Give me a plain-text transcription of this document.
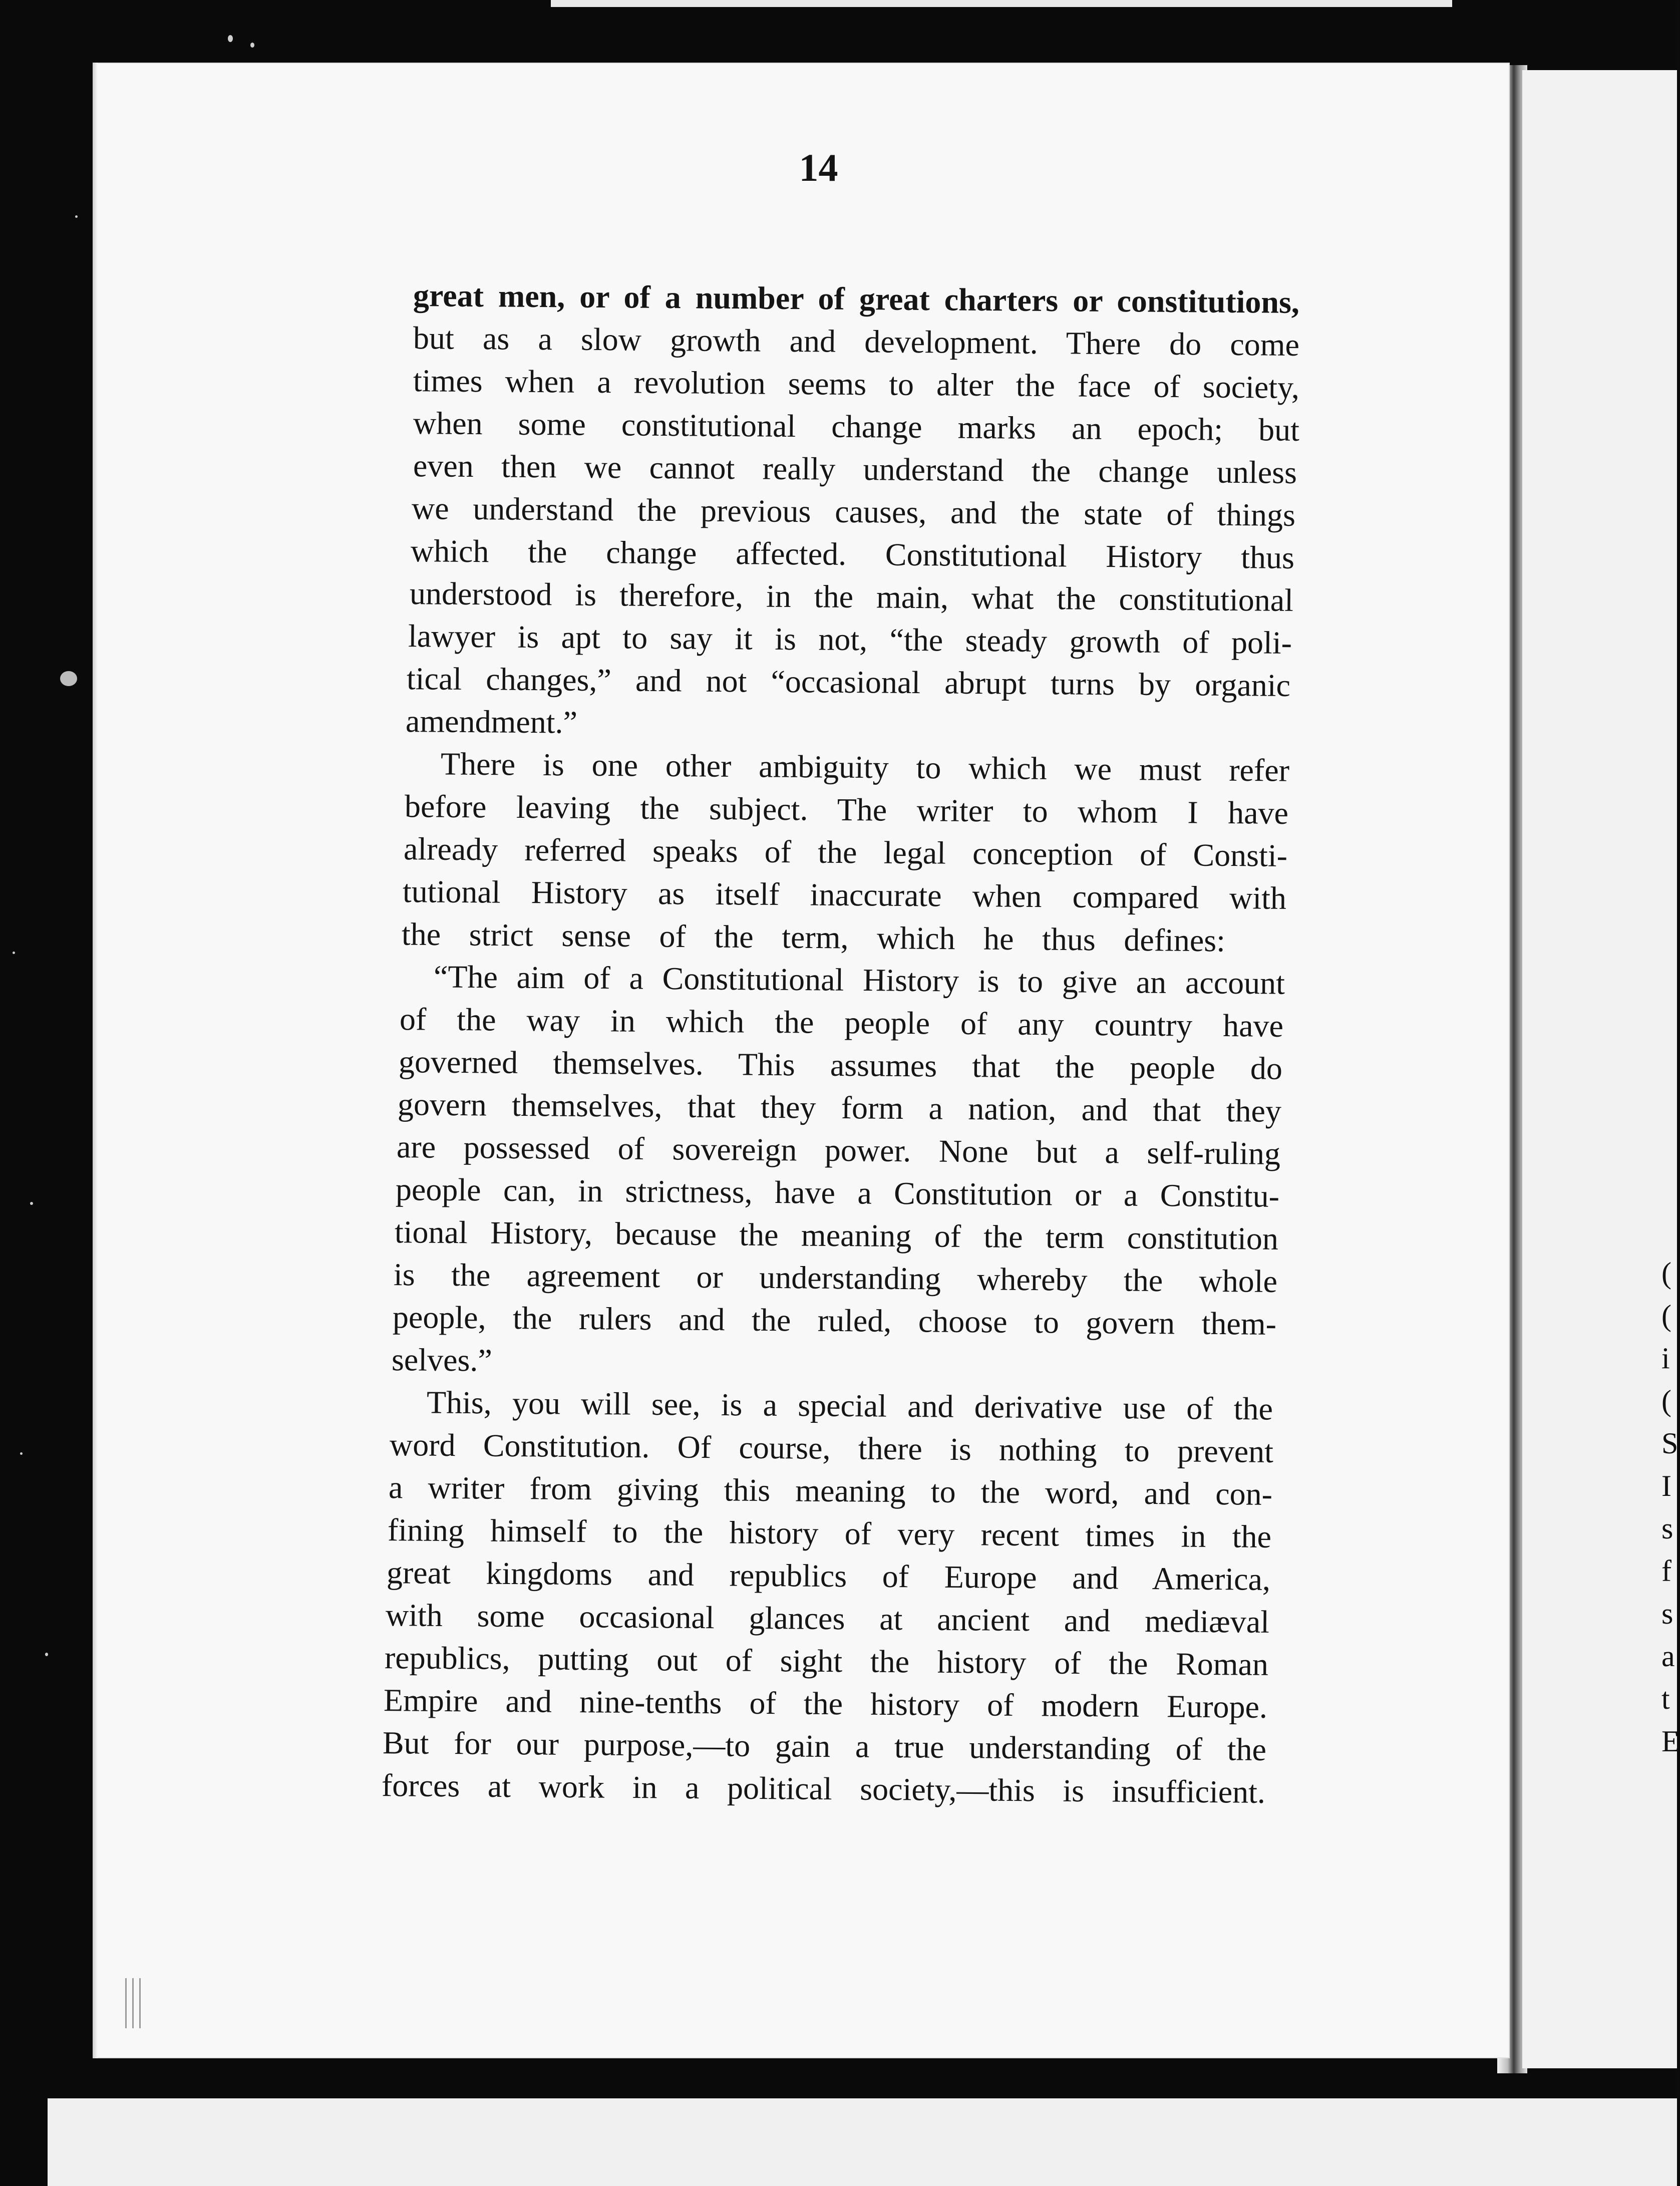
(
(
i
(
S
I
s
f
s
a
t
E
14
great men, or of a number of great charters or constitutions,
but as a slow growth and development. There do come
times when a revolution seems to alter the face of society,
when some constitutional change marks an epoch; but
even then we cannot really understand the change unless
we understand the previous causes, and the state of things
which the change affected. Constitutional History thus
understood is therefore, in the main, what the constitutional
lawyer is apt to say it is not, “the steady growth of poli-
tical changes,” and not “occasional abrupt turns by organic
amendment.”
There is one other ambiguity to which we must refer
before leaving the subject. The writer to whom I have
already referred speaks of the legal conception of Consti-
tutional History as itself inaccurate when compared with
the strict sense of the term, which he thus defines:
“The aim of a Constitutional History is to give an account
of the way in which the people of any country have
governed themselves. This assumes that the people do
govern themselves, that they form a nation, and that they
are possessed of sovereign power. None but a self-ruling
people can, in strictness, have a Constitution or a Constitu-
tional History, because the meaning of the term constitution
is the agreement or understanding whereby the whole
people, the rulers and the ruled, choose to govern them-
selves.”
This, you will see, is a special and derivative use of the
word Constitution. Of course, there is nothing to prevent
a writer from giving this meaning to the word, and con-
fining himself to the history of very recent times in the
great kingdoms and republics of Europe and America,
with some occasional glances at ancient and mediæval
republics, putting out of sight the history of the Roman
Empire and nine-tenths of the history of modern Europe.
But for our purpose,—to gain a true understanding of the
forces at work in a political society,—this is insufficient.
